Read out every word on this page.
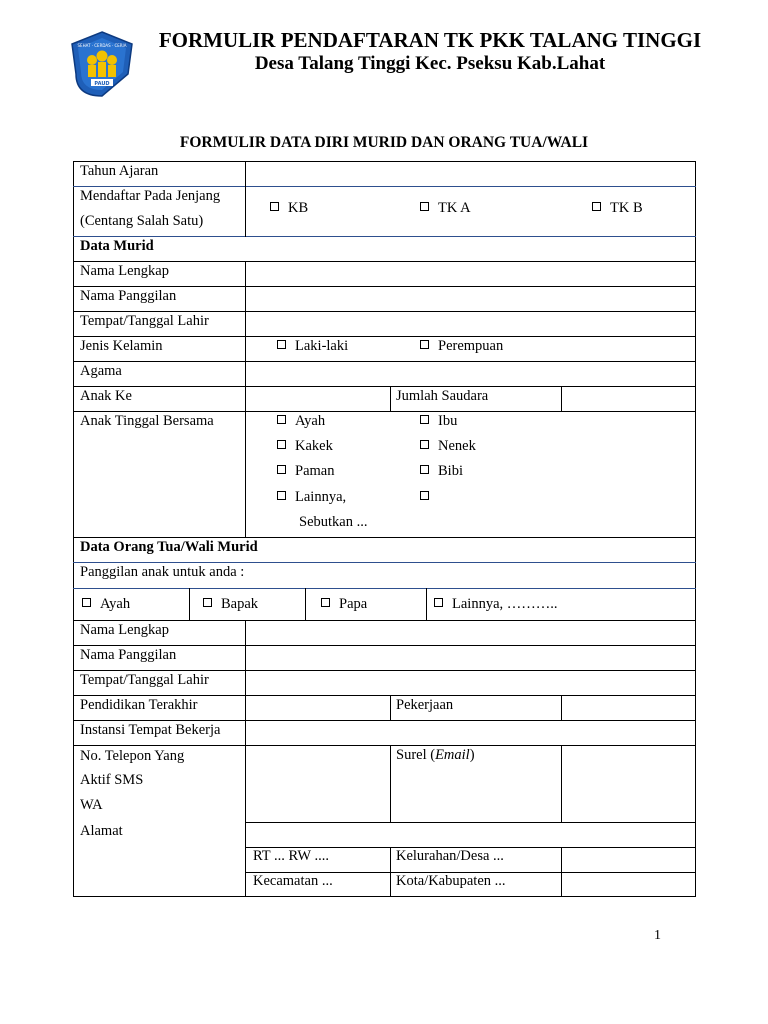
PAUD
SEHAT · CERDAS · CERIA	FORMULIR PENDAFTARAN TK PKK TALANG TINGGI
Desa Talang Tinggi Kec. Pseksu Kab.Lahat
FORMULIR DATA DIRI MURID DAN ORANG TUA/WALI
Tahun Ajaran
Mendaftar Pada Jenjang
(Centang Salah Satu)
KB	TK A	TK B
Data Murid
Nama Lengkap
Nama Panggilan
Tempat/Tanggal Lahir
Jenis Kelamin	Laki-laki	Perempuan
Agama
Anak Ke	Jumlah Saudara
Anak Tinggal Bersama	Ayah	Ibu
Kakek	Nenek
Paman	Bibi
Lainnya,
Sebutkan ...
Data Orang Tua/Wali Murid
Panggilan anak untuk anda :
Ayah	Bapak	Papa	Lainnya, ………..
Nama Lengkap
Nama Panggilan
Tempat/Tanggal Lahir
Pendidikan Terakhir	Pekerjaan
Instansi Tempat Bekerja
No. Telepon Yang
Aktif SMS
WA
Surel (Email)
Alamat
RT ... RW ....	Kelurahan/Desa ...
Kecamatan ...	Kota/Kabupaten ...
1
